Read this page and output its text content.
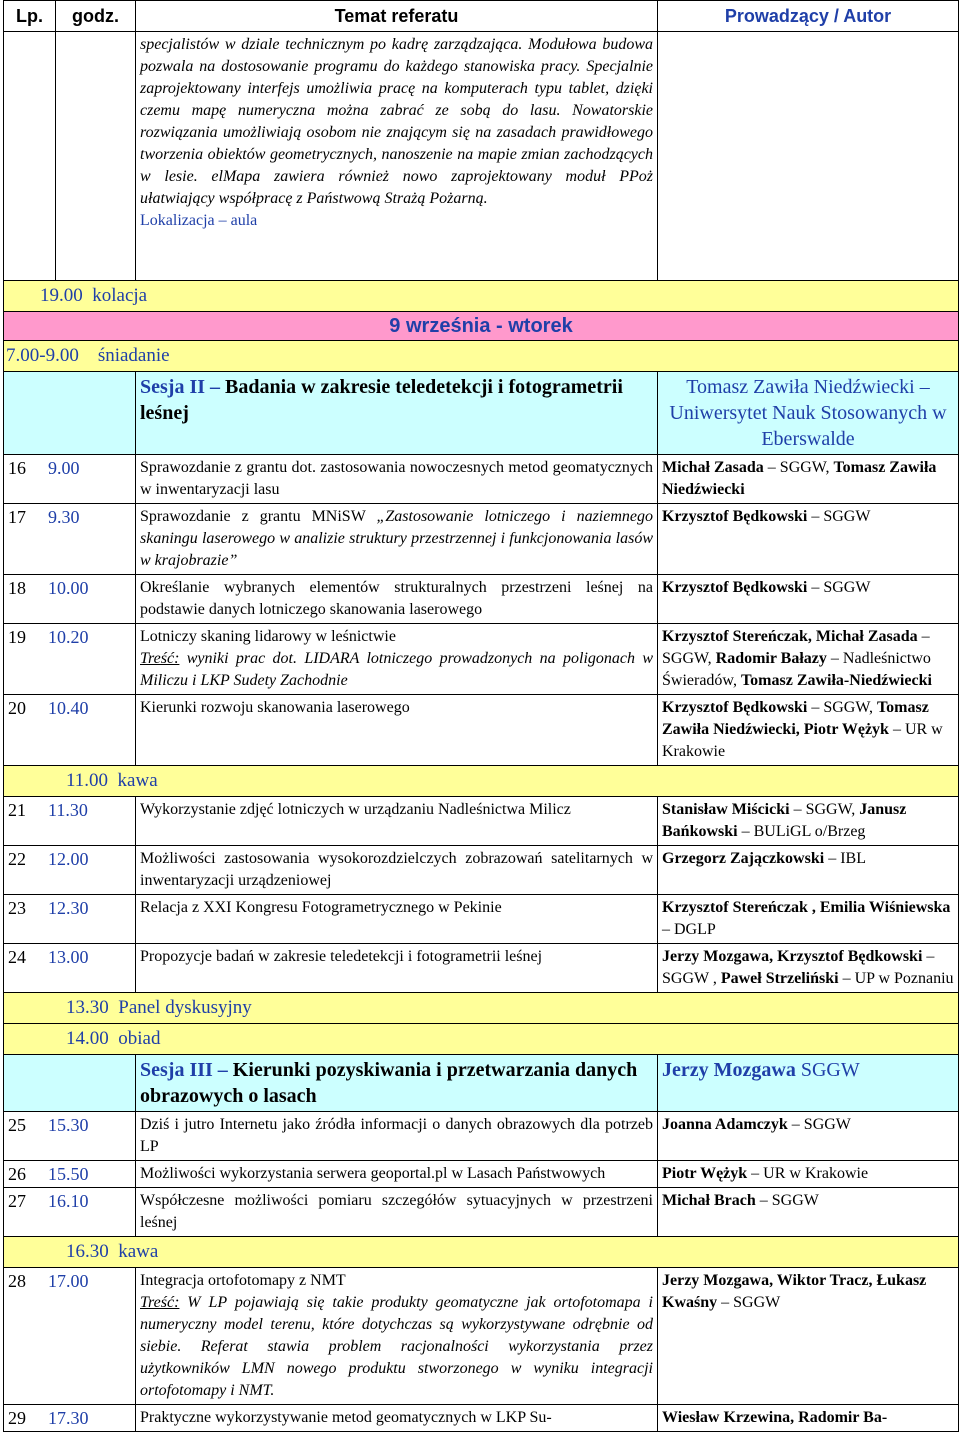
Lp.	godz.	Temat referatu	Prowadzący / Autor

		specjalistów w dziale technicznym po kadrę zarządzająca. Modułowa budowa pozwala na dostosowanie programu do każdego stanowiska pracy. Specjalnie zaprojektowany interfejs umożliwia pracę na komputerach typu tablet, dzięki czemu mapę numeryczna można zabrać ze sobą do lasu. Nowatorskie rozwiązania umożliwiają osobom nie znającym się na zasadach prawidłowego tworzenia obiektów geometrycznych, nanoszenie na mapie zmian zachodzących w lesie. elMapa zawiera również nowo zaprojektowany moduł PPoż ułatwiający współpracę z Państwową Strażą Pożarną.
Lokalizacja – aula	

19.00 kolacja			
9 września - wtorek			
7.00-9.00 śniadanie			
		Sesja II – Badania w zakresie teledetekcji i fotogrametrii leśnej	Tomasz Zawiła Niedźwiecki – Uniwersytet Nauk Stosowanych w Eberswalde
16 9.00		Sprawozdanie z grantu dot. zastosowania nowoczesnych metod geomatycznych w inwentaryzacji lasu	Michał Zasada – SGGW, Tomasz Zawiła Niedźwiecki
17 9.30		Sprawozdanie z grantu MNiSW „Zastosowanie lotniczego i naziemnego skaningu laserowego w analizie struktury przestrzennej i funkcjonowania lasów w krajobrazie”	Krzysztof Będkowski – SGGW
18 10.00		Określanie wybranych elementów strukturalnych przestrzeni leśnej na podstawie danych lotniczego skanowania laserowego	Krzysztof Będkowski – SGGW
19 10.20		Lotniczy skaning lidarowy w leśnictwie
Treść: wyniki prac dot. LIDARA lotniczego prowadzonych na poligonach w Miliczu i LKP Sudety Zachodnie	Krzysztof Stereńczak, Michał Zasada – SGGW, Radomir Bałazy – Nadleśnictwo Świeradów, Tomasz Zawiła-Niedźwiecki
20 10.40		Kierunki rozwoju skanowania laserowego	Krzysztof Będkowski – SGGW, Tomasz Zawiła Niedźwiecki, Piotr Wężyk – UR w Krakowie
11.00 kawa			
21 11.30		Wykorzystanie zdjęć lotniczych w urządzaniu Nadleśnictwa Milicz	Stanisław Miścicki – SGGW, Janusz Bańkowski – BULiGL o/Brzeg
22 12.00		Możliwości zastosowania wysokorozdzielczych zobrazowań satelitarnych w inwentaryzacji urządzeniowej	Grzegorz Zajączkowski – IBL
23 12.30		Relacja z XXI Kongresu Fotogrametrycznego w Pekinie	Krzysztof Stereńczak , Emilia Wiśniewska – DGLP
24 13.00		Propozycje badań w zakresie teledetekcji i fotogrametrii leśnej	Jerzy Mozgawa, Krzysztof Będkowski – SGGW , Paweł Strzeliński – UP w Poznaniu
13.30 Panel dyskusyjny			
14.00 obiad			
		Sesja III – Kierunki pozyskiwania i przetwarzania danych obrazowych o lasach	Jerzy Mozgawa SGGW
25 15.30		Dziś i jutro Internetu jako źródła informacji o danych obrazowych dla potrzeb LP	Joanna Adamczyk – SGGW
26 15.50		Możliwości wykorzystania serwera geoportal.pl w Lasach Państwowych	Piotr Wężyk – UR w Krakowie
27 16.10		Współczesne możliwości pomiaru szczegółów sytuacyjnych w przestrzeni leśnej	Michał Brach – SGGW
16.30 kawa			
28 17.00		Integracja ortofotomapy z NMT
Treść: W LP pojawiają się takie produkty geomatyczne jak ortofotomapa i numeryczny model terenu, które dotychczas są wykorzystywane odrębnie od siebie. Referat stawia problem racjonalności wykorzystania przez użytkowników LMN nowego produktu stworzonego w wyniku integracji ortofotomapy i NMT.	Jerzy Mozgawa, Wiktor Tracz, Łukasz Kwaśny – SGGW
29 17.30		Praktyczne wykorzystywanie metod geomatycznych w LKP Su-	Wiesław Krzewina, Radomir Ba-
